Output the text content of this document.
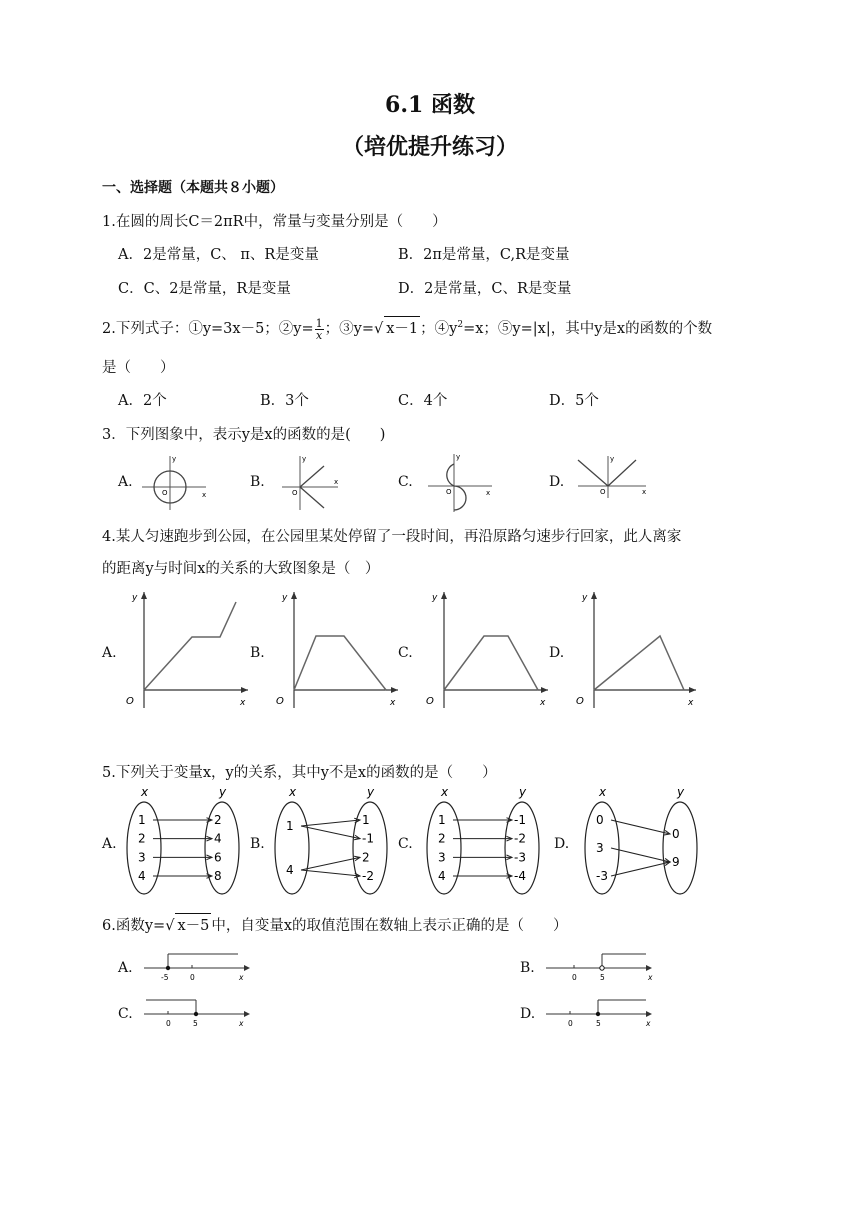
6.1 函数
（培优提升练习）
一、选择题（本题共８小题）
1.在圆的周长C＝2πR中，常量与变量分别是（　　）
A．2是常量，C、 π、R是变量	B．2π是常量，C,R是变量
C．C、2是常量，R是变量	D．2是常量，C、R是变量
2.下列式子：①y=3x－5；②y= $\frac{1}{x}$ ；③y=√ x－1 ；$④y^2=x$；⑤y=|x|，其中y是x的函数的个数
是（　　）
A．2个	B．3个	C．4个	D．5个
3．下列图象中，表示y是x的函数的是(　　)
A.	B.	C.	D.
x
y
O
x
y
O	x
y
O	x
y
O
4.某人匀速跑步到公园，在公园里某处停留了一段时间，再沿原路匀速步行回家，此人离家
的距离y与时间x的关系的大致图象是（　）
A.	B.	C.	D.
x
y
O	x
y
O	x
y
O	x
y
O
5.下列关于变量x，y的关系，其中y不是x的函数的是（　　）
A.	B.	C.	D.
x	y
1
2
3
4
2
4
6
8
x	y
1
4
1
-1
2
-2
x	y
1
2
3
4
-1
-2
-3
-4
x	y
0
3
-3
0
9
6.函数y=√ x－5 中，自变量x的取值范围在数轴上表示正确的是（　　）
A.	B.
C.	D.
-5	0	x	0	5	x
0	5	x	0	5	x
